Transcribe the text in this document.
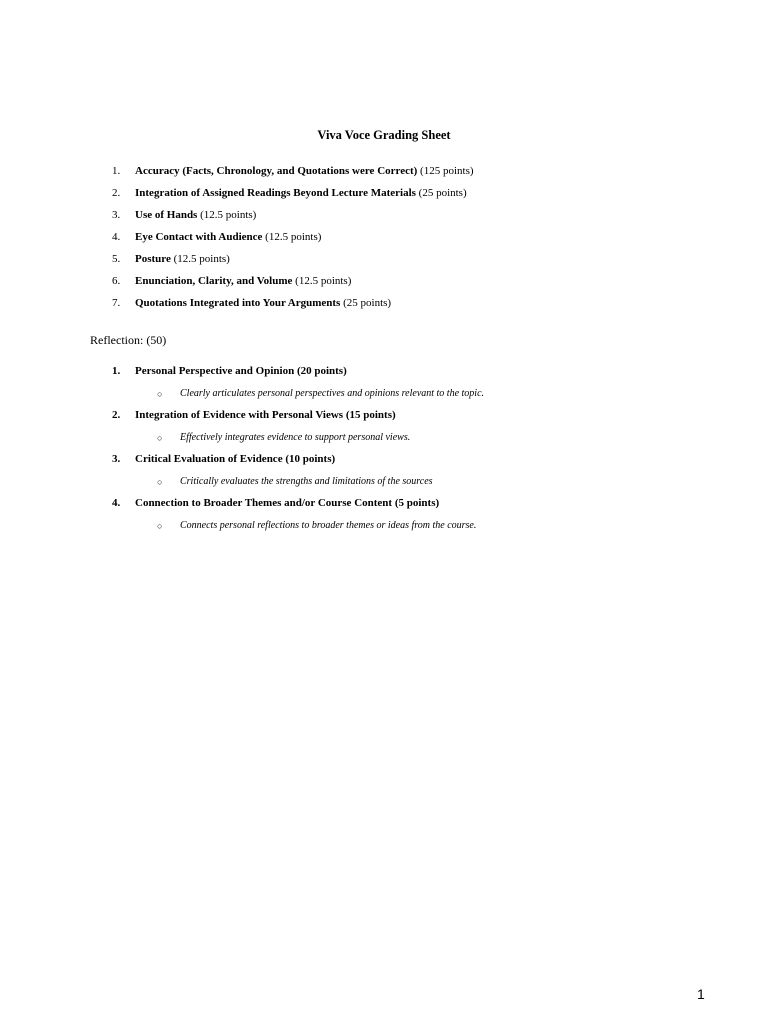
Viva Voce Grading Sheet
1.	Accuracy (Facts, Chronology, and Quotations were Correct) (125 points)
2.	Integration of Assigned Readings Beyond Lecture Materials (25 points)
3.	Use of Hands (12.5 points)
4.	Eye Contact with Audience (12.5 points)
5.	Posture (12.5 points)
6.	Enunciation, Clarity, and Volume (12.5 points)
7.	Quotations Integrated into Your Arguments (25 points)
Reflection: (50)
1. Personal Perspective and Opinion (20 points)
○ Clearly articulates personal perspectives and opinions relevant to the topic.
2. Integration of Evidence with Personal Views (15 points)
○ Effectively integrates evidence to support personal views.
3. Critical Evaluation of Evidence (10 points)
○ Critically evaluates the strengths and limitations of the sources
4. Connection to Broader Themes and/or Course Content (5 points)
○ Connects personal reflections to broader themes or ideas from the course.
1
